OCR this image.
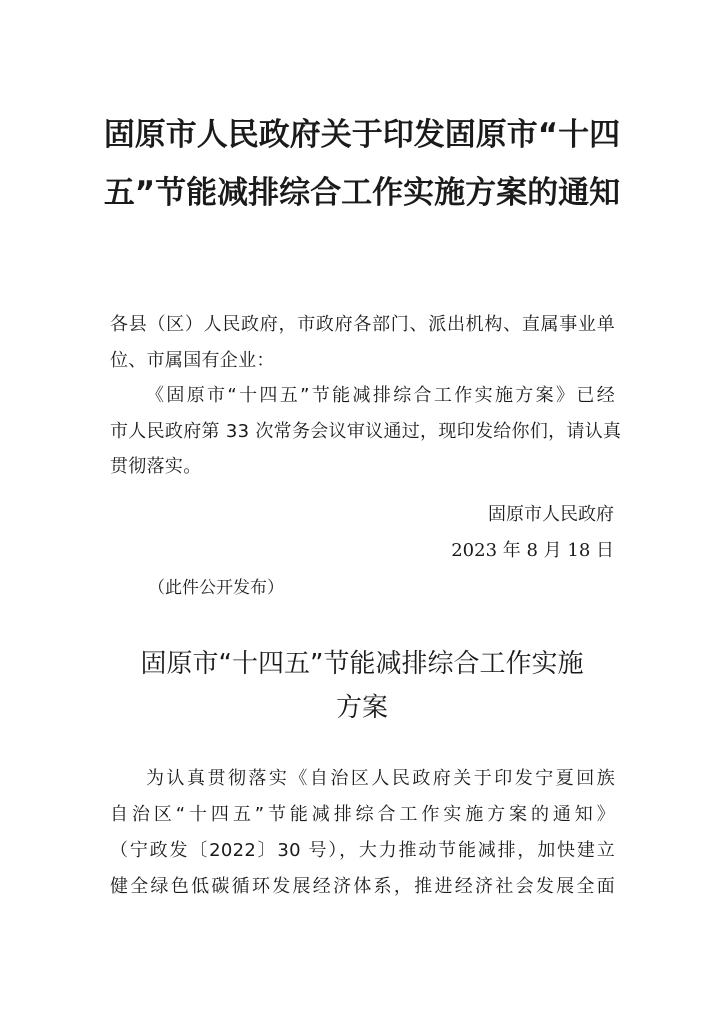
固原市人民政府关于印发固原市“十四
五”节能减排综合工作实施方案的通知
各县（区）人民政府，市政府各部门、派出机构、直属事业单
位、市属国有企业：
《固原市“十四五”节能减排综合工作实施方案》已经
市人民政府第 33 次常务会议审议通过，现印发给你们，请认真
贯彻落实。
固原市人民政府
2023 年 8 月 18 日
（此件公开发布）
固原市“十四五”节能减排综合工作实施
方案
为认真贯彻落实《自治区人民政府关于印发宁夏回族
自治区“十四五”节能减排综合工作实施方案的通知》
（宁政发〔2022〕30 号），大力推动节能减排，加快建立
健全绿色低碳循环发展经济体系，推进经济社会发展全面
